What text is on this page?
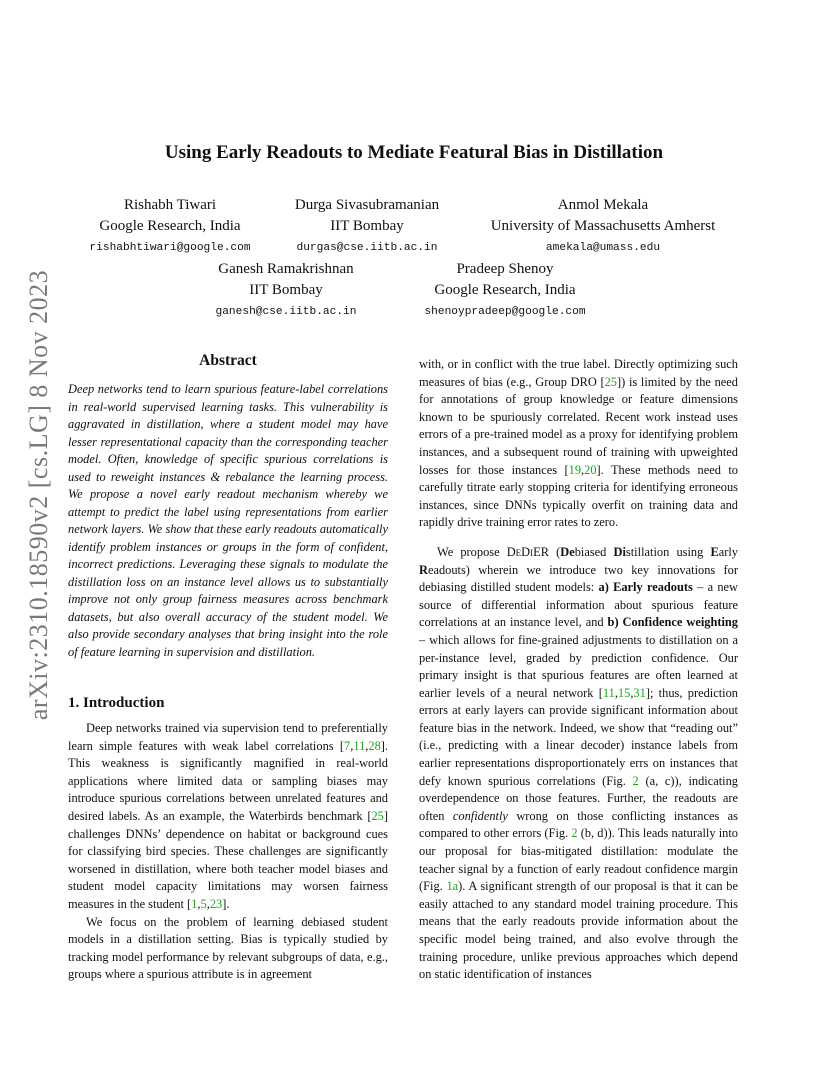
arXiv:2310.18590v2 [cs.LG] 8 Nov 2023
Using Early Readouts to Mediate Featural Bias in Distillation
Rishabh Tiwari
Google Research, India
rishabhtiwari@google.com
Durga Sivasubramanian
IIT Bombay
durgas@cse.iitb.ac.in
Anmol Mekala
University of Massachusetts Amherst
amekala@umass.edu
Ganesh Ramakrishnan
IIT Bombay
ganesh@cse.iitb.ac.in
Pradeep Shenoy
Google Research, India
shenoypradeep@google.com
Abstract
Deep networks tend to learn spurious feature-label correlations in real-world supervised learning tasks. This vulnerability is aggravated in distillation, where a student model may have lesser representational capacity than the corresponding teacher model. Often, knowledge of specific spurious correlations is used to reweight instances & rebalance the learning process. We propose a novel early readout mechanism whereby we attempt to predict the label using representations from earlier network layers. We show that these early readouts automatically identify problem instances or groups in the form of confident, incorrect predictions. Leveraging these signals to modulate the distillation loss on an instance level allows us to substantially improve not only group fairness measures across benchmark datasets, but also overall accuracy of the student model. We also provide secondary analyses that bring insight into the role of feature learning in supervision and distillation.
1. Introduction

Deep networks trained via supervision tend to preferentially learn simple features with weak label correlations [7,11,28]. This weakness is significantly magnified in real-world applications where limited data or sampling biases may introduce spurious correlations between unrelated features and desired labels. As an example, the Waterbirds benchmark [25] challenges DNNs’ dependence on habitat or background cues for classifying bird species. These challenges are significantly worsened in distillation, where both teacher model biases and student model capacity limitations may worsen fairness measures in the student [1,5,23].

We focus on the problem of learning debiased student models in a distillation setting. Bias is typically studied by tracking model performance by relevant subgroups of data, e.g., groups where a spurious attribute is in agreement

with, or in conflict with the true label. Directly optimizing such measures of bias (e.g., Group DRO [25]) is limited by the need for annotations of group knowledge or feature dimensions known to be spuriously correlated. Recent work instead uses errors of a pre-trained model as a proxy for identifying problem instances, and a subsequent round of training with upweighted losses for those instances [19,20]. These methods need to carefully titrate early stopping criteria for identifying erroneous instances, since DNNs typically overfit on training data and rapidly drive training error rates to zero.

We propose DeDiER (Debiased Distillation using Early Readouts) wherein we introduce two key innovations for debiasing distilled student models: a) Early readouts – a new source of differential information about spurious feature correlations at an instance level, and b) Confidence weighting – which allows for fine-grained adjustments to distillation on a per-instance level, graded by prediction confidence. Our primary insight is that spurious features are often learned at earlier levels of a neural network [11,15,31]; thus, prediction errors at early layers can provide significant information about feature bias in the network. Indeed, we show that “reading out” (i.e., predicting with a linear decoder) instance labels from earlier representations disproportionately errs on instances that defy known spurious correlations (Fig. 2 (a, c)), indicating overdependence on those features. Further, the readouts are often confidently wrong on those conflicting instances as compared to other errors (Fig. 2 (b, d)). This leads naturally into our proposal for bias-mitigated distillation: modulate the teacher signal by a function of early readout confidence margin (Fig. 1a). A significant strength of our proposal is that it can be easily attached to any standard model training procedure. This means that the early readouts provide information about the specific model being trained, and also evolve through the training procedure, unlike previous approaches which depend on static identification of instances
